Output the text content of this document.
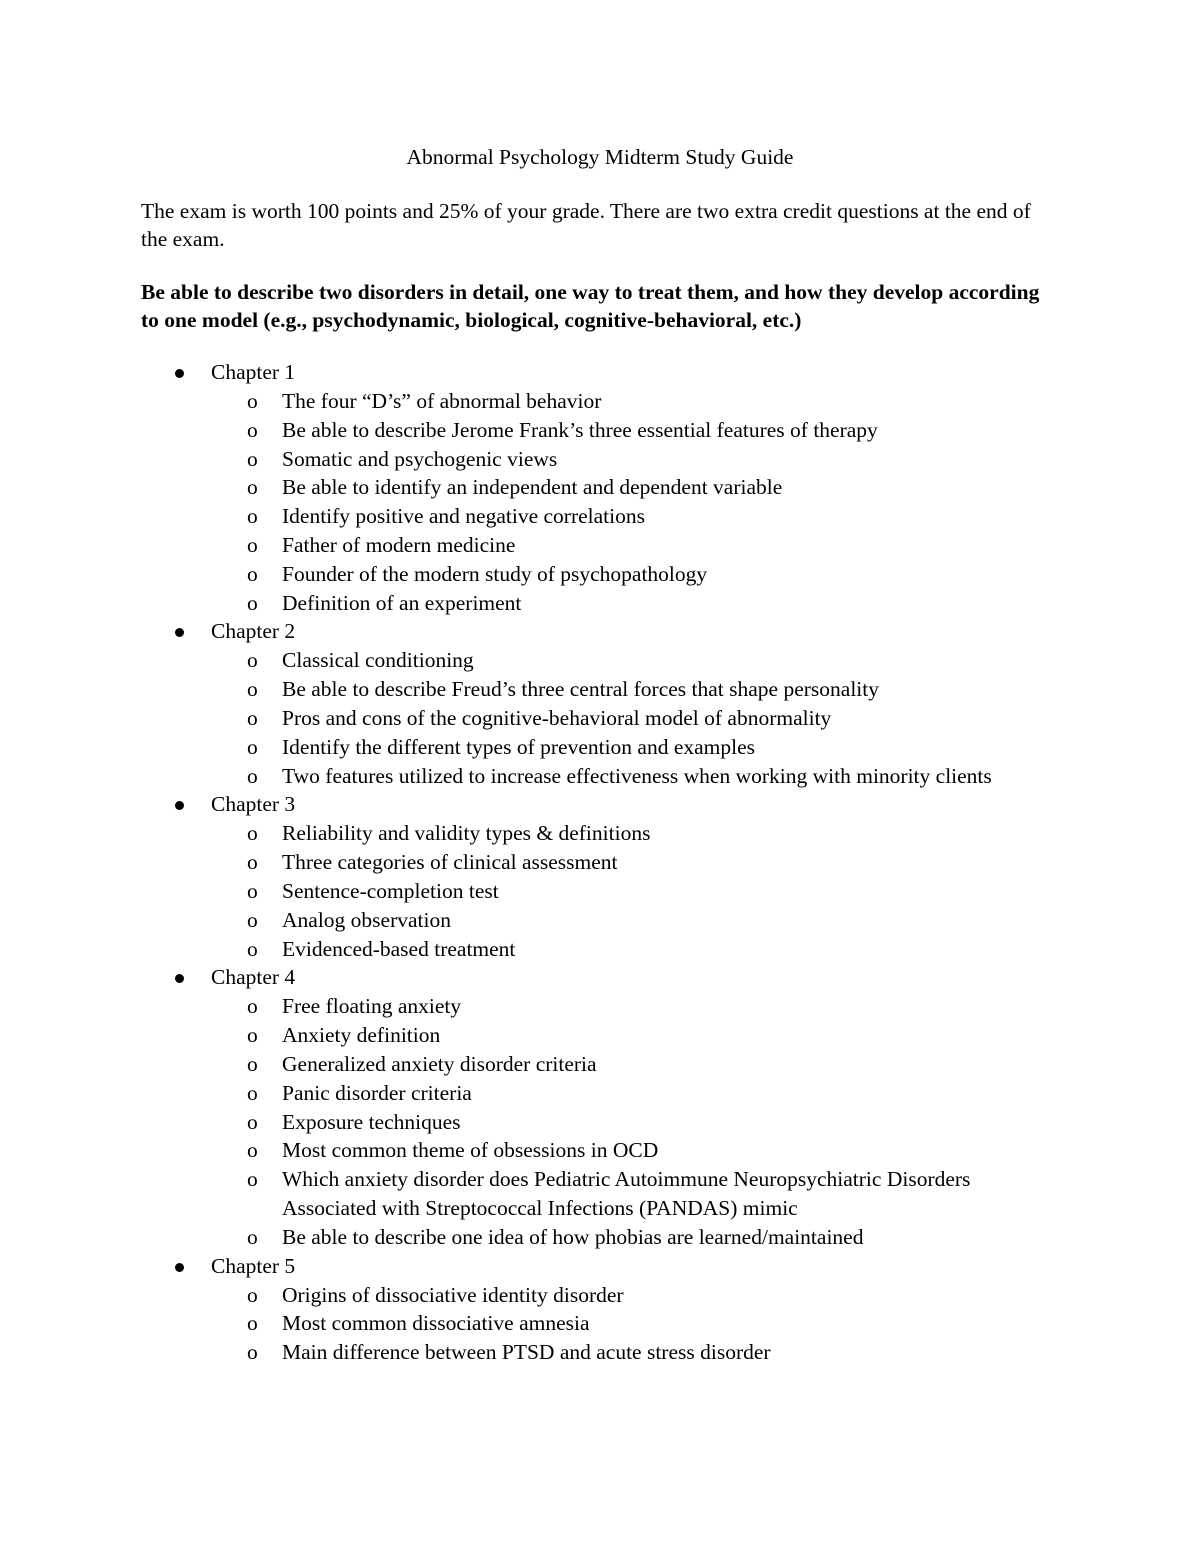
Abnormal Psychology Midterm Study Guide

The exam is worth 100 points and 25% of your grade. There are two extra credit questions at the end of the exam.

Be able to describe two disorders in detail, one way to treat them, and how they develop according to one model (e.g., psychodynamic, biological, cognitive-behavioral, etc.)

Chapter 1
o The four “D’s” of abnormal behavior
o Be able to describe Jerome Frank’s three essential features of therapy
o Somatic and psychogenic views
o Be able to identify an independent and dependent variable
o Identify positive and negative correlations
o Father of modern medicine
o Founder of the modern study of psychopathology
o Definition of an experiment
Chapter 2
o Classical conditioning
o Be able to describe Freud’s three central forces that shape personality
o Pros and cons of the cognitive-behavioral model of abnormality
o Identify the different types of prevention and examples
o Two features utilized to increase effectiveness when working with minority clients
Chapter 3
o Reliability and validity types & definitions
o Three categories of clinical assessment
o Sentence-completion test
o Analog observation
o Evidenced-based treatment
Chapter 4
o Free floating anxiety
o Anxiety definition
o Generalized anxiety disorder criteria
o Panic disorder criteria
o Exposure techniques
o Most common theme of obsessions in OCD
o Which anxiety disorder does Pediatric Autoimmune Neuropsychiatric Disorders Associated with Streptococcal Infections (PANDAS) mimic
o Be able to describe one idea of how phobias are learned/maintained
Chapter 5
o Origins of dissociative identity disorder
o Most common dissociative amnesia
o Main difference between PTSD and acute stress disorder
